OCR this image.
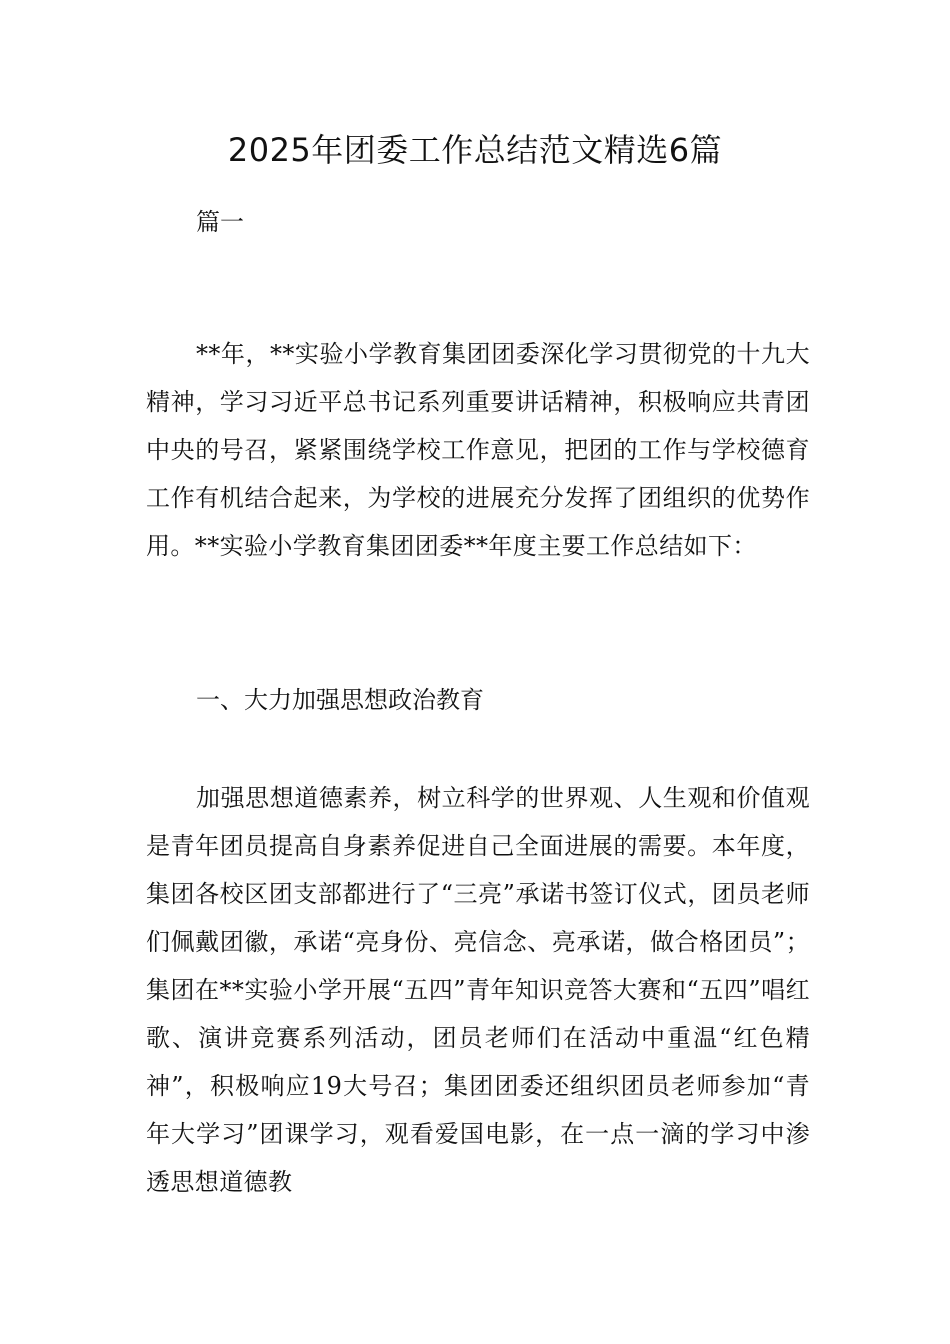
2025年团委工作总结范文精选6篇

篇一

**年，**实验小学教育集团团委深化学习贯彻党的十九大精神，学习习近平总书记系列重要讲话精神，积极响应共青团中央的号召，紧紧围绕学校工作意见，把团的工作与学校德育工作有机结合起来，为学校的进展充分发挥了团组织的优势作用。**实验小学教育集团团委**年度主要工作总结如下：

一、大力加强思想政治教育

加强思想道德素养，树立科学的世界观、人生观和价值观是青年团员提高自身素养促进自己全面进展的需要。本年度，集团各校区团支部都进行了“三亮”承诺书签订仪式，团员老师们佩戴团徽，承诺“亮身份、亮信念、亮承诺，做合格团员”；集团在**实验小学开展“五四”青年知识竞答大赛和“五四”唱红歌、演讲竞赛系列活动，团员老师们在活动中重温“红色精神”，积极响应19大号召；集团团委还组织团员老师参加“青年大学习”团课学习，观看爱国电影，在一点一滴的学习中渗透思想道德教
